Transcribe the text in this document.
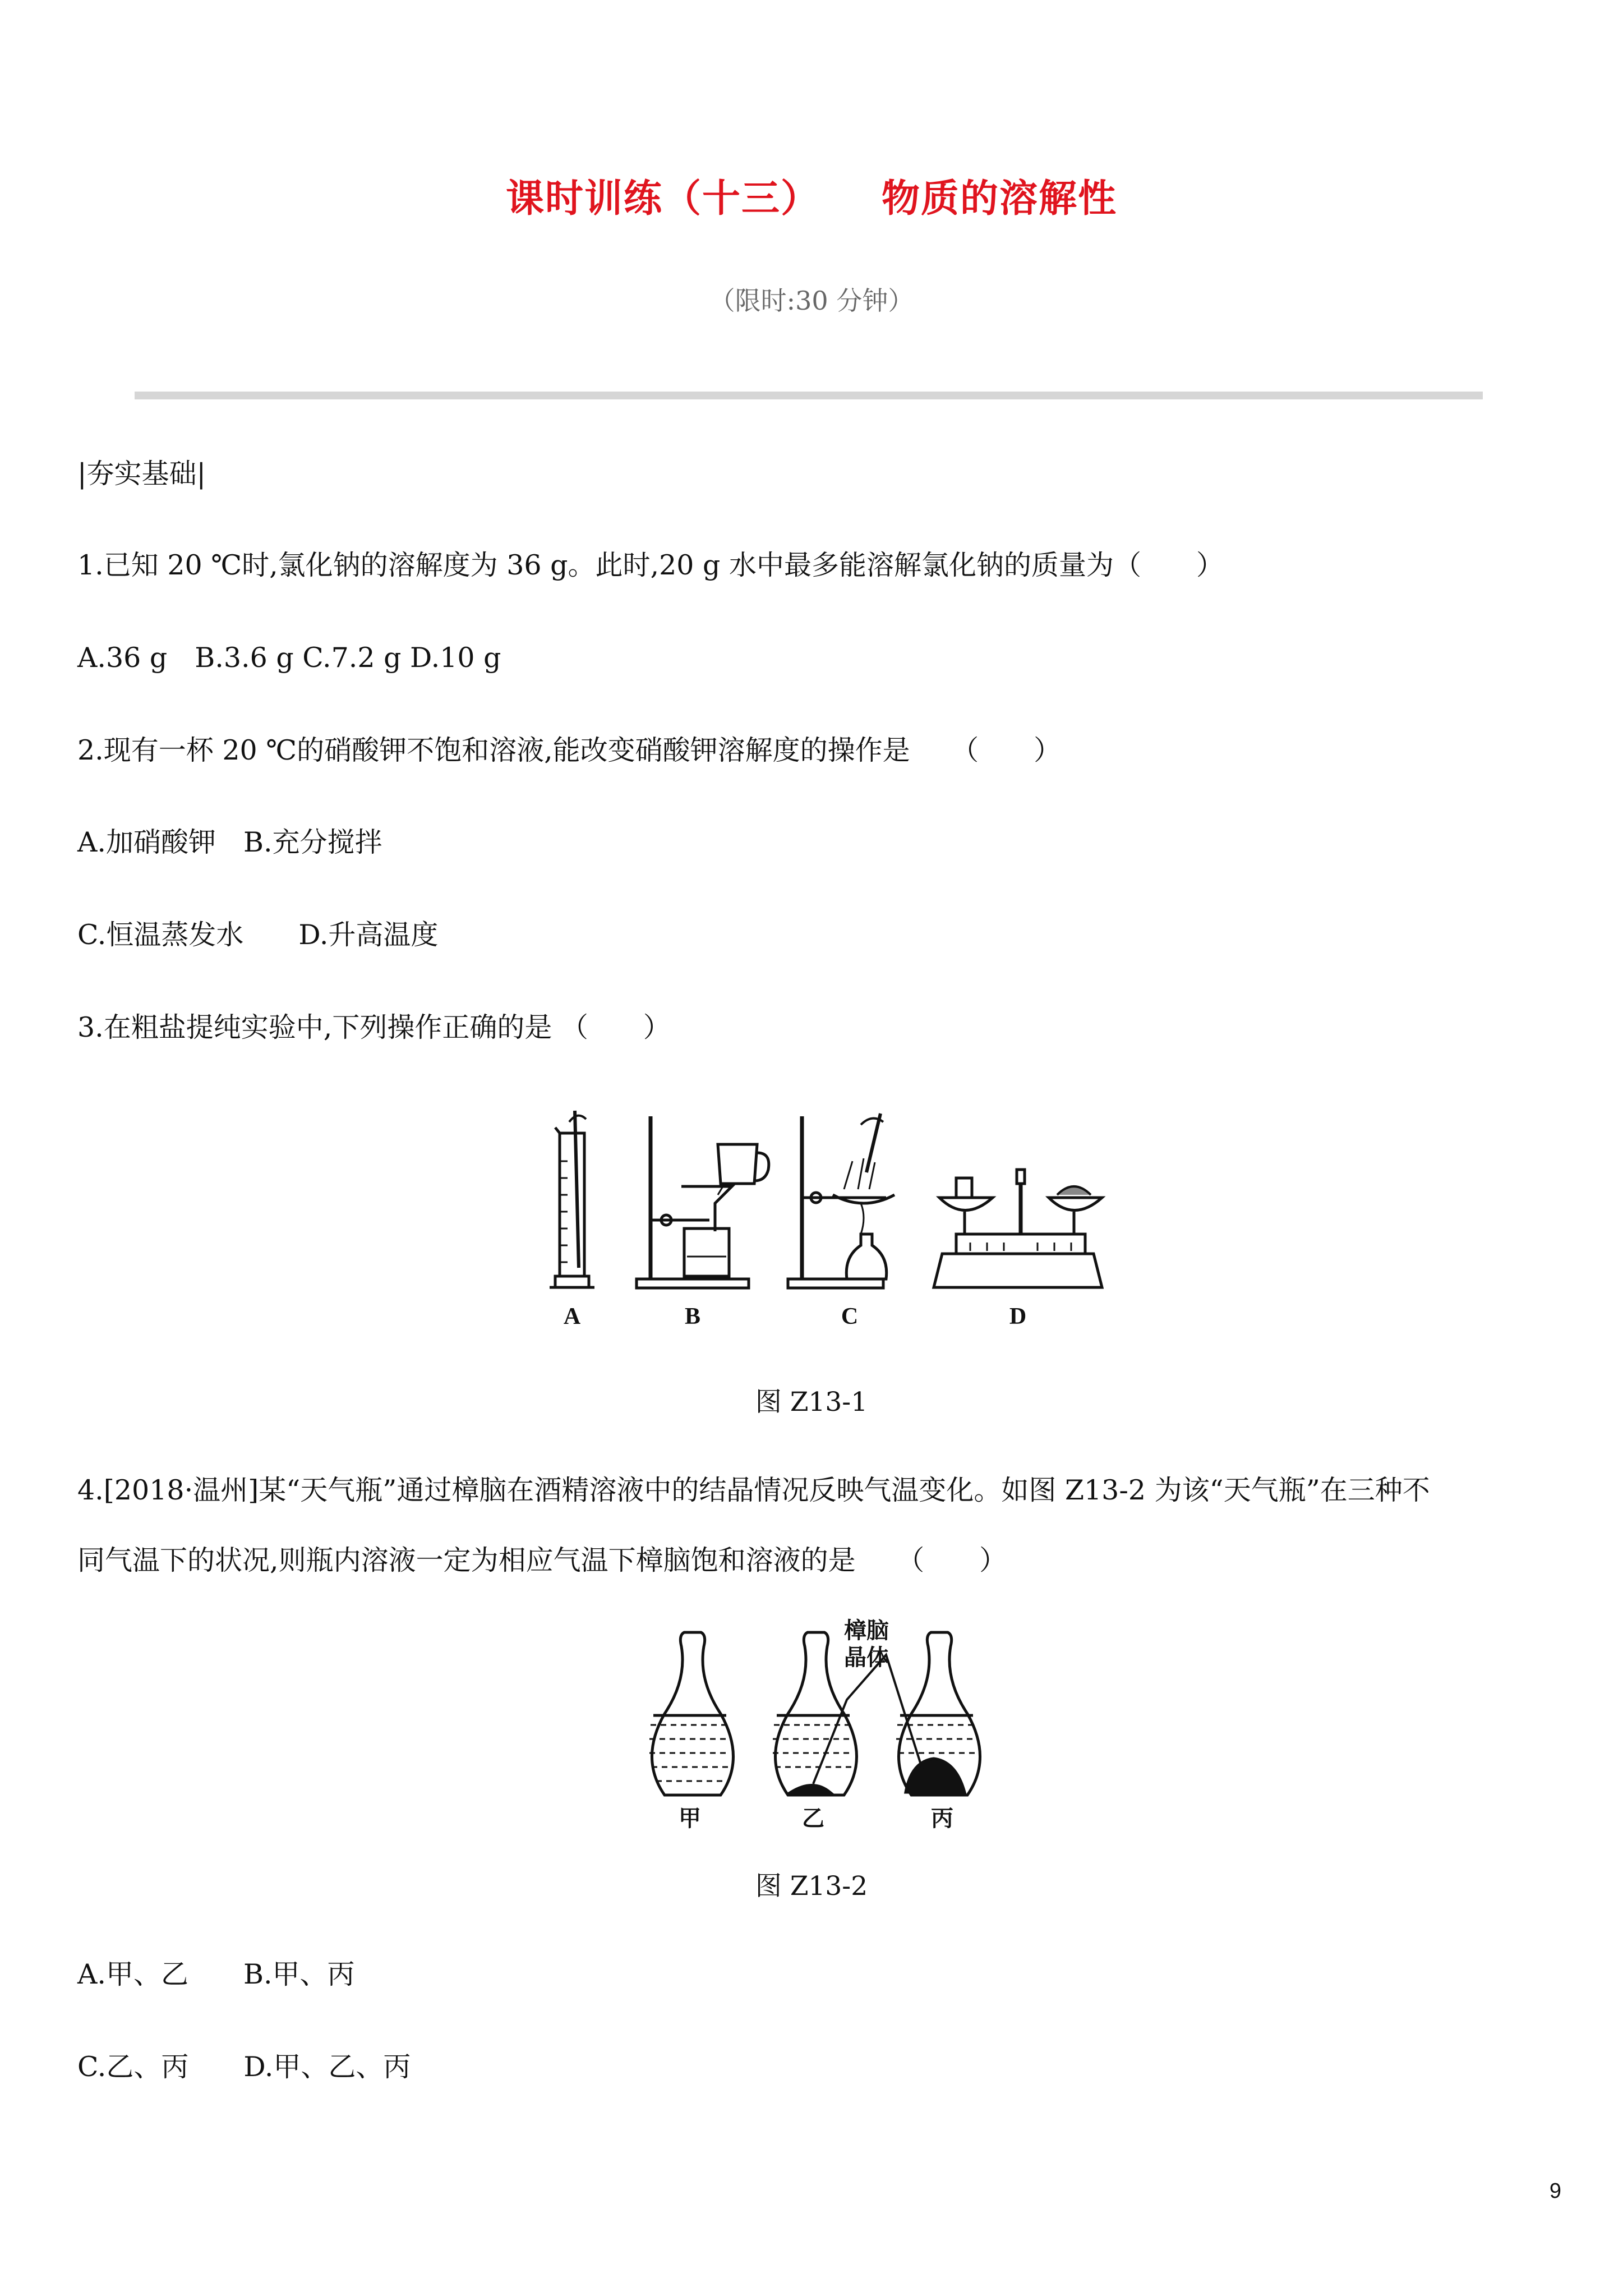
课时训练（十三） 物质的溶解性
（限时:30 分钟）
|夯实基础|
1.已知 20 ℃时,氯化钠的溶解度为 36 g。此时,20 g 水中最多能溶解氯化钠的质量为（　　）
A.36 g　B.3.6 g C.7.2 g D.10 g
2.现有一杯 20 ℃的硝酸钾不饱和溶液,能改变硝酸钾溶解度的操作是　　（　　）
A.加硝酸钾　B.充分搅拌
C.恒温蒸发水　　D.升高温度
3.在粗盐提纯实验中,下列操作正确的是 （　　）
A	B	C	D
图 Z13-1
4.[2018·温州]某“天气瓶”通过樟脑在酒精溶液中的结晶情况反映气温变化。如图 Z13-2 为该“天气瓶”在三种不
同气温下的状况,则瓶内溶液一定为相应气温下樟脑饱和溶液的是　　（　　）
樟脑
晶体
甲	乙	丙
图 Z13-2
A.甲、乙　　B.甲、丙
C.乙、丙　　D.甲、乙、丙
9
